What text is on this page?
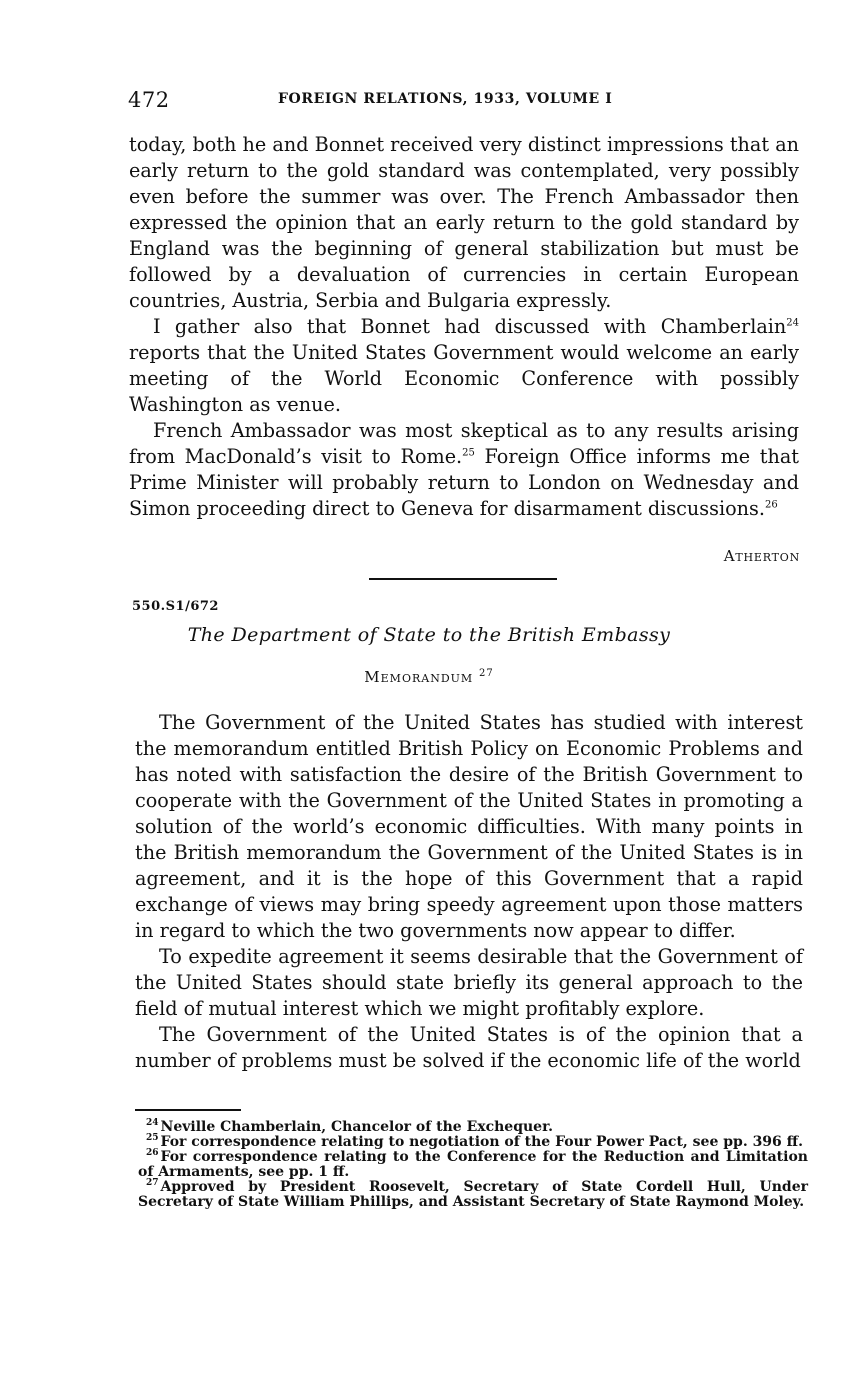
472	FOREIGN RELATIONS, 1933, VOLUME I

today, both he and Bonnet received very distinct impressions that an early return to the gold standard was contemplated, very possibly even before the summer was over. The French Ambassador then expressed the opinion that an early return to the gold standard by England was the beginning of general stabilization but must be followed by a devaluation of currencies in certain European countries, Austria, Serbia and Bulgaria expressly.

I gather also that Bonnet had discussed with Chamberlain$^{24}$ reports that the United States Government would welcome an early meeting of the World Economic Conference with possibly Washington as venue.

French Ambassador was most skeptical as to any results arising from MacDonald’s visit to Rome.$^{25}$ Foreign Office informs me that Prime Minister will probably return to London on Wednesday and Simon proceeding direct to Geneva for disarmament discussions.$^{26}$

Atherton
550.S1/672
The Department of State to the British Embassy
Memorandum $^{27}$

The Government of the United States has studied with interest the memorandum entitled British Policy on Economic Problems and has noted with satisfaction the desire of the British Government to cooperate with the Government of the United States in promoting a solution of the world’s economic difficulties. With many points in the British memorandum the Government of the United States is in agreement, and it is the hope of this Government that a rapid exchange of views may bring speedy agreement upon those matters in regard to which the two governments now appear to differ.

To expedite agreement it seems desirable that the Government of the United States should state briefly its general approach to the field of mutual interest which we might profitably explore.

The Government of the United States is of the opinion that a number of problems must be solved if the economic life of the world

$^{24}$ Neville Chamberlain, Chancelor of the Exchequer.

$^{25}$ For correspondence relating to negotiation of the Four Power Pact, see pp. 396 ff.

$^{26}$ For correspondence relating to the Conference for the Reduction and Limitation of Armaments, see pp. 1 ff.

$^{27}$ Approved by President Roosevelt, Secretary of State Cordell Hull, Under Secretary of State William Phillips, and Assistant Secretary of State Raymond Moley.
